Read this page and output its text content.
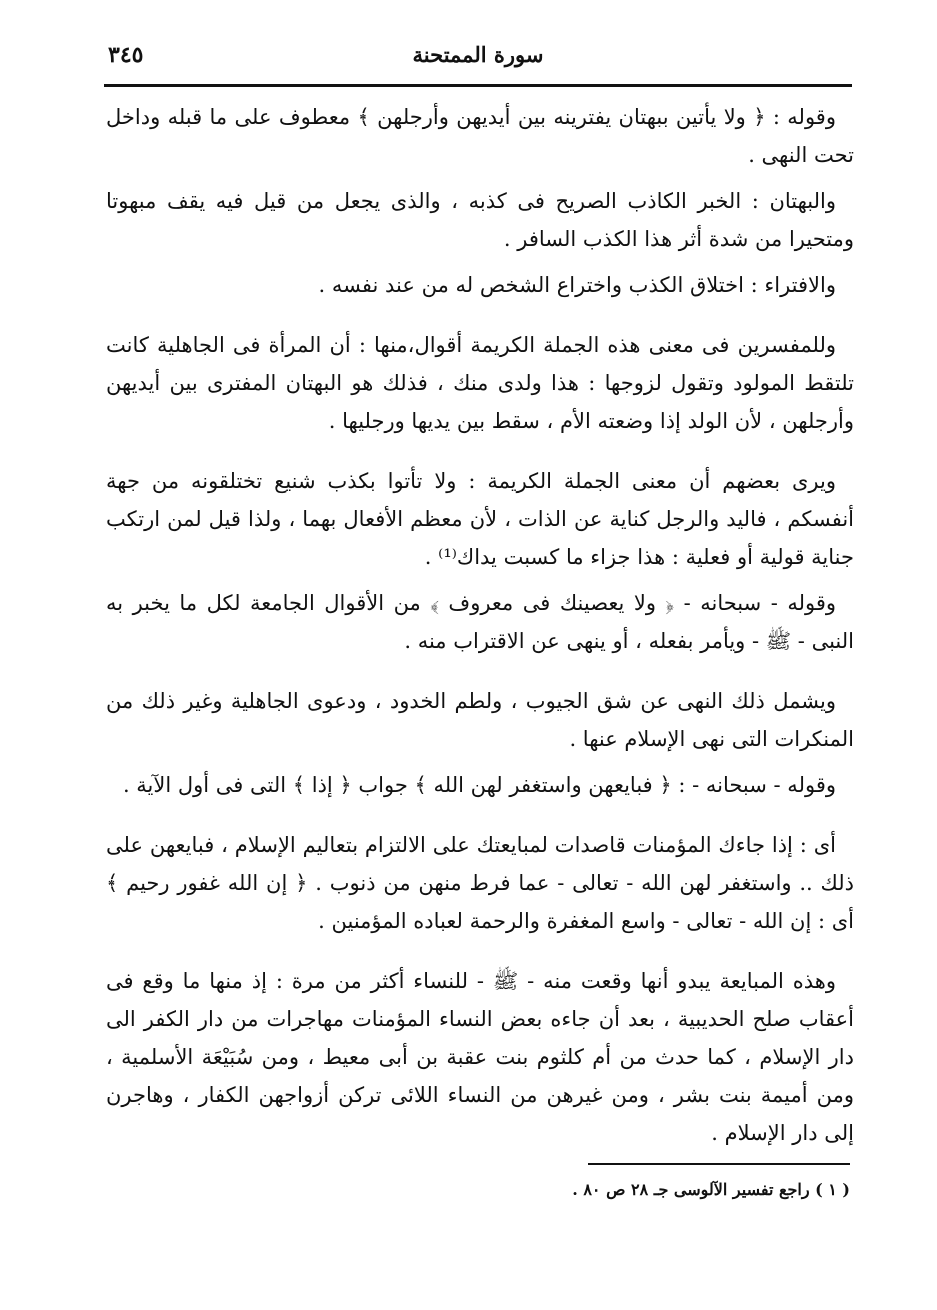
٣٤٥	سورة الممتحنة

وقوله : ﴿ ولا يأتين ببهتان يفترينه بين أيديهن وأرجلهن ﴾ معطوف على ما قبله وداخل تحت النهى .

والبهتان : الخبر الكاذب الصريح فى كذبه ، والذى يجعل من قيل فيه يقف مبهوتا ومتحيرا من شدة أثر هذا الكذب السافر .

والافتراء : اختلاق الكذب واختراع الشخص له من عند نفسه .

وللمفسرين فى معنى هذه الجملة الكريمة أقوال،منها : أن المرأة فى الجاهلية كانت تلتقط المولود وتقول لزوجها : هذا ولدى منك ، فذلك هو البهتان المفترى بين أيديهن وأرجلهن ، لأن الولد إذا وضعته الأم ، سقط بين يديها ورجليها .

ويرى بعضهم أن معنى الجملة الكريمة : ولا تأتوا بكذب شنيع تختلقونه من جهة أنفسكم ، فاليد والرجل كناية عن الذات ، لأن معظم الأفعال بهما ، ولذا قيل لمن ارتكب جناية قولية أو فعلية : هذا جزاء ما كسبت يداك⁽¹⁾ .

وقوله - سبحانه - ﴿ ولا يعصينك فى معروف ﴾ من الأقوال الجامعة لكل ما يخبر به النبى - ﷺ - ويأمر بفعله ، أو ينهى عن الاقتراب منه .

ويشمل ذلك النهى عن شق الجيوب ، ولطم الخدود ، ودعوى الجاهلية وغير ذلك من المنكرات التى نهى الإسلام عنها .

وقوله - سبحانه - : ﴿ فبايعهن واستغفر لهن الله ﴾ جواب ﴿ إذا ﴾ التى فى أول الآية .

أى : إذا جاءك المؤمنات قاصدات لمبايعتك على الالتزام بتعاليم الإسلام ، فبايعهن على ذلك .. واستغفر لهن الله - تعالى - عما فرط منهن من ذنوب . ﴿ إن الله غفور رحيم ﴾ أى : إن الله - تعالى - واسع المغفرة والرحمة لعباده المؤمنين .

وهذه المبايعة يبدو أنها وقعت منه - ﷺ - للنساء أكثر من مرة : إذ منها ما وقع فى أعقاب صلح الحديبية ، بعد أن جاءه بعض النساء المؤمنات مهاجرات من دار الكفر الى دار الإسلام ، كما حدث من أم كلثوم بنت عقبة بن أبى معيط ، ومن سُبَيْعَة الأسلمية ، ومن أميمة بنت بشر ، ومن غيرهن من النساء اللائى تركن أزواجهن الكفار ، وهاجرن إلى دار الإسلام .

( ١ ) راجع تفسير الآلوسى جـ ٢٨ ص ٨٠ .
